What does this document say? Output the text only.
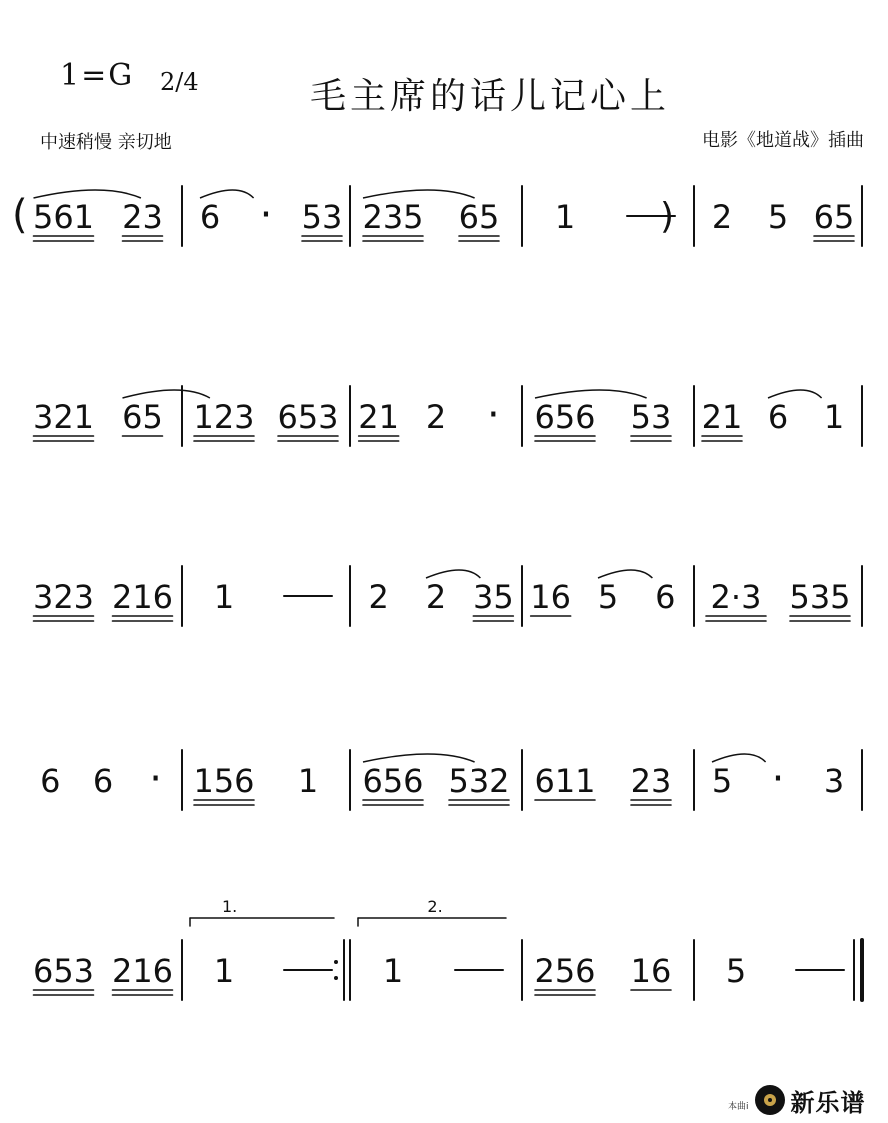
1=G 2/4	毛主席的话儿记心上
中速稍慢 亲切地	电影《地道战》插曲
561 23 6 · 53 235 65 1	2 5 65
321 65 123 653 21 2 · 656 53 21 6 1
323 216 1	2 2 35 16 5 6 2·3 535
6 6 · 156 1 656 532 611 23 5 · 3
653 216
1.
1
2.
1	256 16 5
(	)
本曲i 新乐谱
